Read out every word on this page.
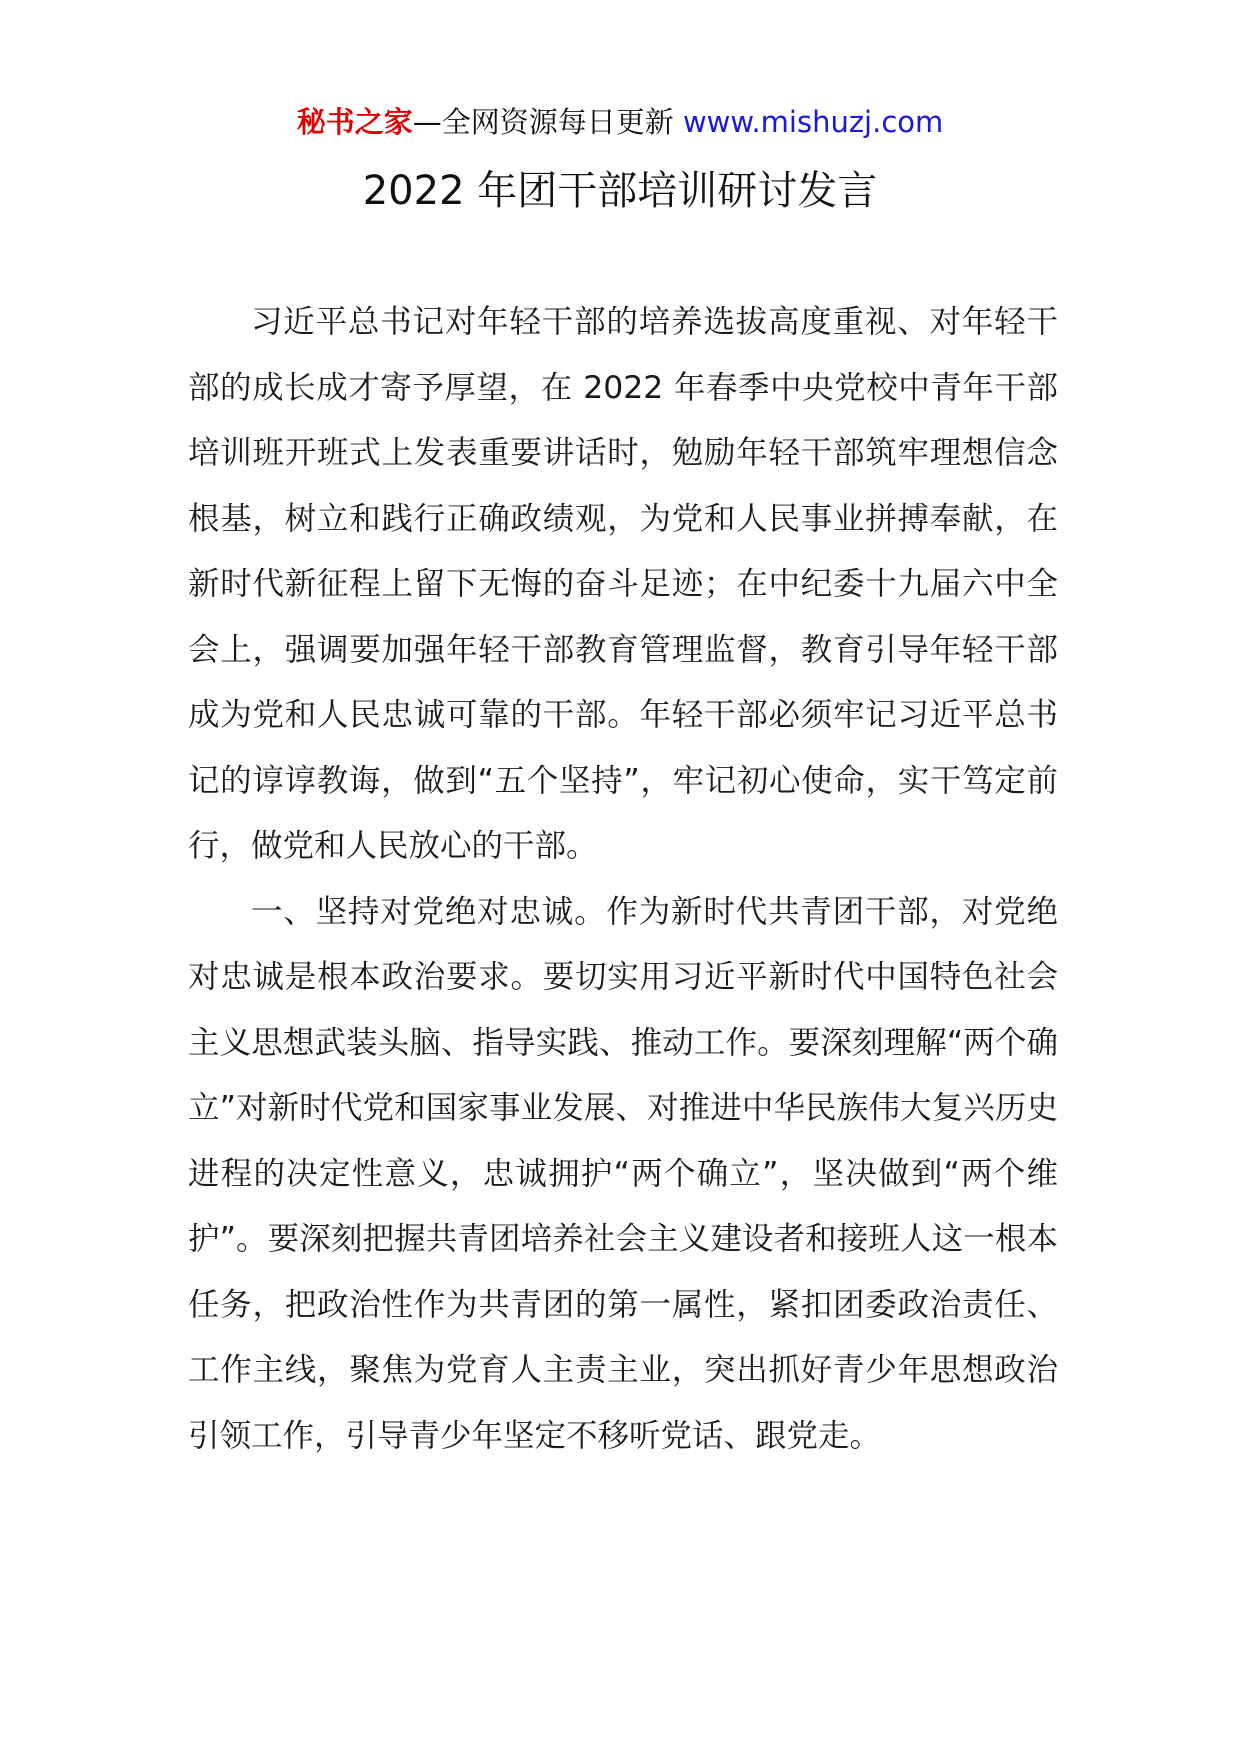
秘书之家—全网资源每日更新 www.mishuzj.com
2022 年团干部培训研讨发言

习近平总书记对年轻干部的培养选拔高度重视、对年轻干部的成长成才寄予厚望，在 2022 年春季中央党校中青年干部培训班开班式上发表重要讲话时，勉励年轻干部筑牢理想信念根基，树立和践行正确政绩观，为党和人民事业拼搏奉献，在新时代新征程上留下无悔的奋斗足迹；在中纪委十九届六中全会上，强调要加强年轻干部教育管理监督，教育引导年轻干部成为党和人民忠诚可靠的干部。年轻干部必须牢记习近平总书记的谆谆教诲，做到“五个坚持”，牢记初心使命，实干笃定前行，做党和人民放心的干部。

一、坚持对党绝对忠诚。作为新时代共青团干部，对党绝对忠诚是根本政治要求。要切实用习近平新时代中国特色社会主义思想武装头脑、指导实践、推动工作。要深刻理解“两个确立”对新时代党和国家事业发展、对推进中华民族伟大复兴历史进程的决定性意义，忠诚拥护“两个确立”，坚决做到“两个维护”。要深刻把握共青团培养社会主义建设者和接班人这一根本任务，把政治性作为共青团的第一属性，紧扣团委政治责任、工作主线，聚焦为党育人主责主业，突出抓好青少年思想政治引领工作，引导青少年坚定不移听党话、跟党走。
